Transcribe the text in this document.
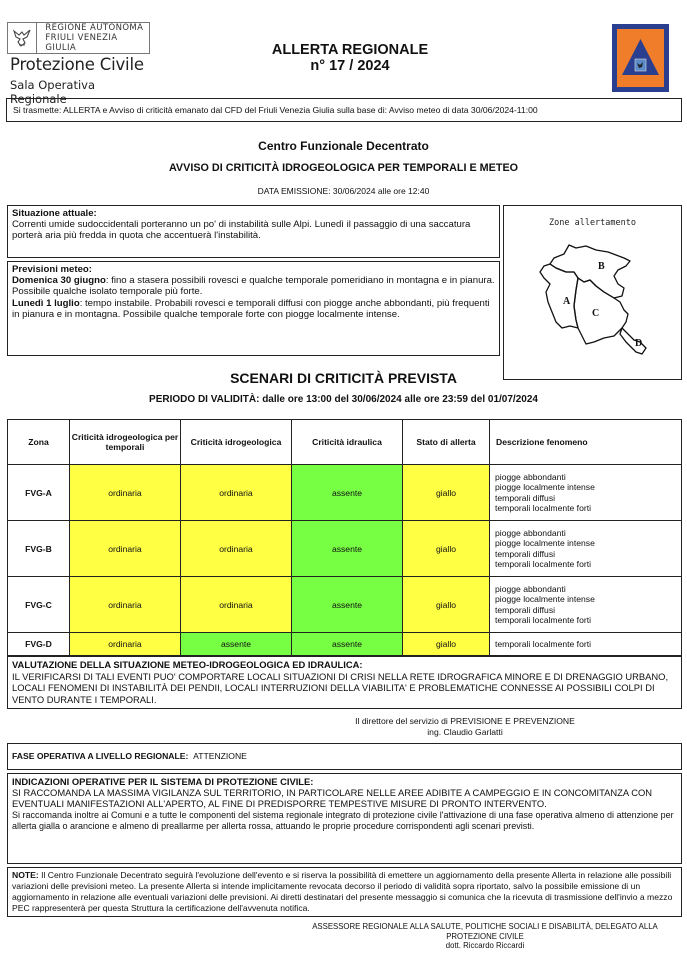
REGIONE AUTONOMA
FRIULI VENEZIA GIULIA
Protezione Civile
Sala Operativa Regionale
ALLERTA REGIONALE
n° 17 / 2024
Si trasmette: ALLERTA e Avviso di criticità emanato dal CFD del Friuli Venezia Giulia sulla base di: Avviso meteo di data 30/06/2024-11:00
Centro Funzionale Decentrato
AVVISO DI CRITICITÀ IDROGEOLOGICA PER TEMPORALI E METEO
DATA EMISSIONE: 30/06/2024 alle ore 12:40
Situazione attuale:
Correnti umide sudoccidentali porteranno un po' di instabilità sulle Alpi. Lunedì il passaggio di una saccatura porterà aria più fredda in quota che accentuerà l'instabilità.
Previsioni meteo:
Domenica 30 giugno: fino a stasera possibili rovesci e qualche temporale pomeridiano in montagna e in pianura. Possibile qualche isolato temporale più forte.
Lunedì 1 luglio: tempo instabile. Probabili rovesci e temporali diffusi con piogge anche abbondanti, più frequenti in pianura e in montagna. Possibile qualche temporale forte con piogge localmente intense.
Zone allertamento
B
A
C
D
SCENARI DI CRITICITÀ PREVISTA
PERIODO DI VALIDITÀ: dalle ore 13:00 del 30/06/2024 alle ore 23:59 del 01/07/2024
Zona	Criticità idrogeologica per temporali	Criticità idrogeologica	Criticità idraulica	Stato di allerta	Descrizione fenomeno
FVG-A	ordinaria	ordinaria	assente	giallo	piogge abbondanti
piogge localmente intense
temporali diffusi
temporali localmente forti

FVG-B	ordinaria	ordinaria	assente	giallo	piogge abbondanti
piogge localmente intense
temporali diffusi
temporali localmente forti

FVG-C	ordinaria	ordinaria	assente	giallo	piogge abbondanti
piogge localmente intense
temporali diffusi
temporali localmente forti

FVG-D	ordinaria	assente	assente	giallo	temporali localmente forti
VALUTAZIONE DELLA SITUAZIONE METEO-IDROGEOLOGICA ED IDRAULICA:
IL VERIFICARSI DI TALI EVENTI PUO' COMPORTARE LOCALI SITUAZIONI DI CRISI NELLA RETE IDROGRAFICA MINORE E DI DRENAGGIO URBANO, LOCALI FENOMENI DI INSTABILITÀ DEI PENDII, LOCALI INTERRUZIONI DELLA VIABILITA' E PROBLEMATICHE CONNESSE AI POSSIBILI COLPI DI VENTO DURANTE I TEMPORALI.
Il direttore del servizio di PREVISIONE E PREVENZIONE
ing. Claudio Garlatti
FASE OPERATIVA A LIVELLO REGIONALE: ATTENZIONE
INDICAZIONI OPERATIVE PER IL SISTEMA DI PROTEZIONE CIVILE:
SI RACCOMANDA LA MASSIMA VIGILANZA SUL TERRITORIO, IN PARTICOLARE NELLE AREE ADIBITE A CAMPEGGIO E IN CONCOMITANZA CON EVENTUALI MANIFESTAZIONI ALL'APERTO, AL FINE DI PREDISPORRE TEMPESTIVE MISURE DI PRONTO INTERVENTO.
Si raccomanda inoltre ai Comuni e a tutte le componenti del sistema regionale integrato di protezione civile l'attivazione di una fase operativa almeno di attenzione per allerta gialla o arancione e almeno di preallarme per allerta rossa, attuando le proprie procedure corrispondenti agli scenari previsti.
NOTE: Il Centro Funzionale Decentrato seguirà l'evoluzione dell'evento e si riserva la possibilità di emettere un aggiornamento della presente Allerta in relazione alle possibili variazioni delle previsioni meteo. La presente Allerta si intende implicitamente revocata decorso il periodo di validità sopra riportato, salvo la possibile emissione di un aggiornamento in relazione alle eventuali variazioni delle previsioni. Ai diretti destinatari del presente messaggio si comunica che la ricevuta di trasmissione dell'invio a mezzo PEC rappresenterà per questa Struttura la certificazione dell'avvenuta notifica.
ASSESSORE REGIONALE ALLA SALUTE, POLITICHE SOCIALI E DISABILITÀ, DELEGATO ALLA
PROTEZIONE CIVILE
dott. Riccardo Riccardi
